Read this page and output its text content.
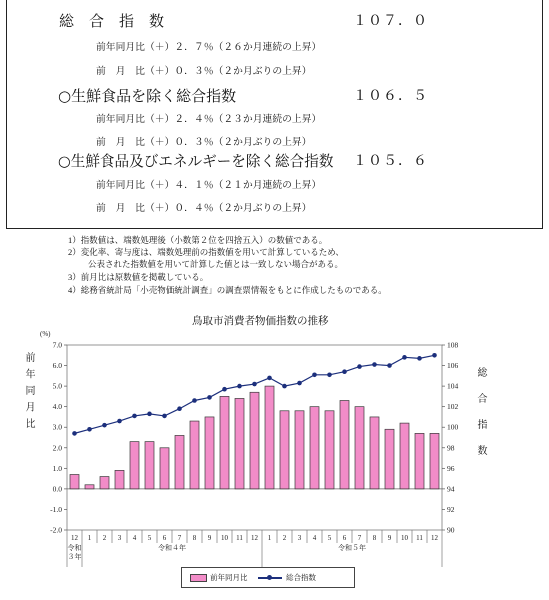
総　合　指　数	１０７．０
前年同月比（＋）２．７％（２６か月連続の上昇）
前　月　比（＋）０．３％（２か月ぶりの上昇）
○生鮮食品を除く総合指数	１０６．５
前年同月比（＋）２．４％（２３か月連続の上昇）
前　月　比（＋）０．３％（２か月ぶりの上昇）
○生鮮食品及びエネルギーを除く総合指数 １０５．６
前年同月比（＋）４．１％（２１か月連続の上昇）
前　月　比（＋）０．４％（２か月ぶりの上昇）
1）指数値は、端数処理後（小数第２位を四捨五入）の数値である。
2）変化率、寄与度は、端数処理前の指数値を用いて計算しているため、
公表された指数値を用いて計算した値とは一致しない場合がある。
3）前月比は原数値を掲載している。
4）総務省統計局「小売物価統計調査」の調査票情報をもとに作成したものである。
鳥取市消費者物価指数の推移
前年同月比	総合指数
(%)
7.0
6.0
5.0
4.0
3.0
2.0
1.0
0.0
-1.0
-2.0
108
106
104
102
100
98
96
94
92
90
12 1 2 3 4 5 6 7 8 9 10 11 12 1 2 3 4 5 6 7 8 9 10 11 12
前年同月比	総合指数
令和３年
令和４年	令和５年
